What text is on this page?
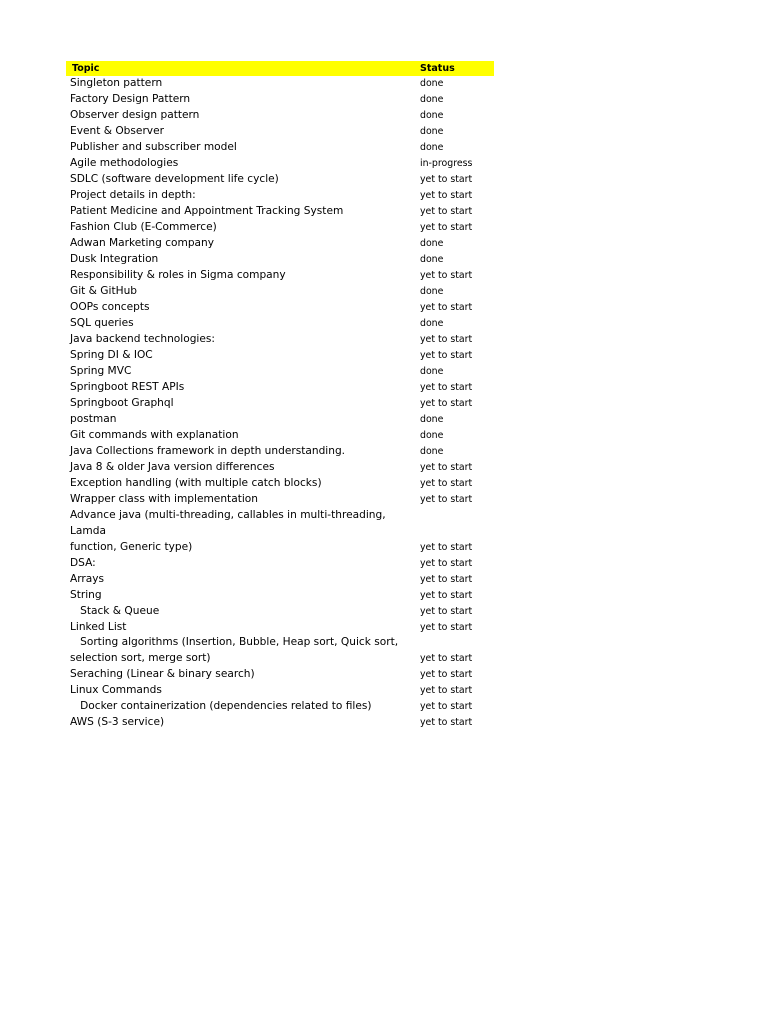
Topic	Status
Singleton pattern	done
Factory Design Pattern	done
Observer design pattern	done
Event & Observer	done
Publisher and subscriber model	done
Agile methodologies	in-progress
SDLC (software development life cycle)	yet to start
Project details in depth:	yet to start
Patient Medicine and Appointment Tracking System	yet to start
Fashion Club (E-Commerce)	yet to start
Adwan Marketing company	done
Dusk Integration	done
Responsibility & roles in Sigma company	yet to start
Git & GitHub	done
OOPs concepts	yet to start
SQL queries	done
Java backend technologies:	yet to start
Spring DI & IOC	yet to start
Spring MVC	done
Springboot REST APIs	yet to start
Springboot Graphql	yet to start
postman	done
Git commands with explanation	done
Java Collections framework in depth understanding.	done
Java 8 & older Java version differences	yet to start
Exception handling (with multiple catch blocks)	yet to start
Wrapper class with implementation	yet to start
Advance java (multi-threading, callables in multi-threading, Lamda
function, Generic type)	yet to start
DSA:	yet to start
Arrays	yet to start
String	yet to start
Stack & Queue	yet to start
Linked List	yet to start
Sorting algorithms (Insertion, Bubble, Heap sort, Quick sort,
selection sort, merge sort)	yet to start
Seraching (Linear & binary search)	yet to start
Linux Commands	yet to start
Docker containerization (dependencies related to files)	yet to start
AWS (S-3 service)	yet to start
